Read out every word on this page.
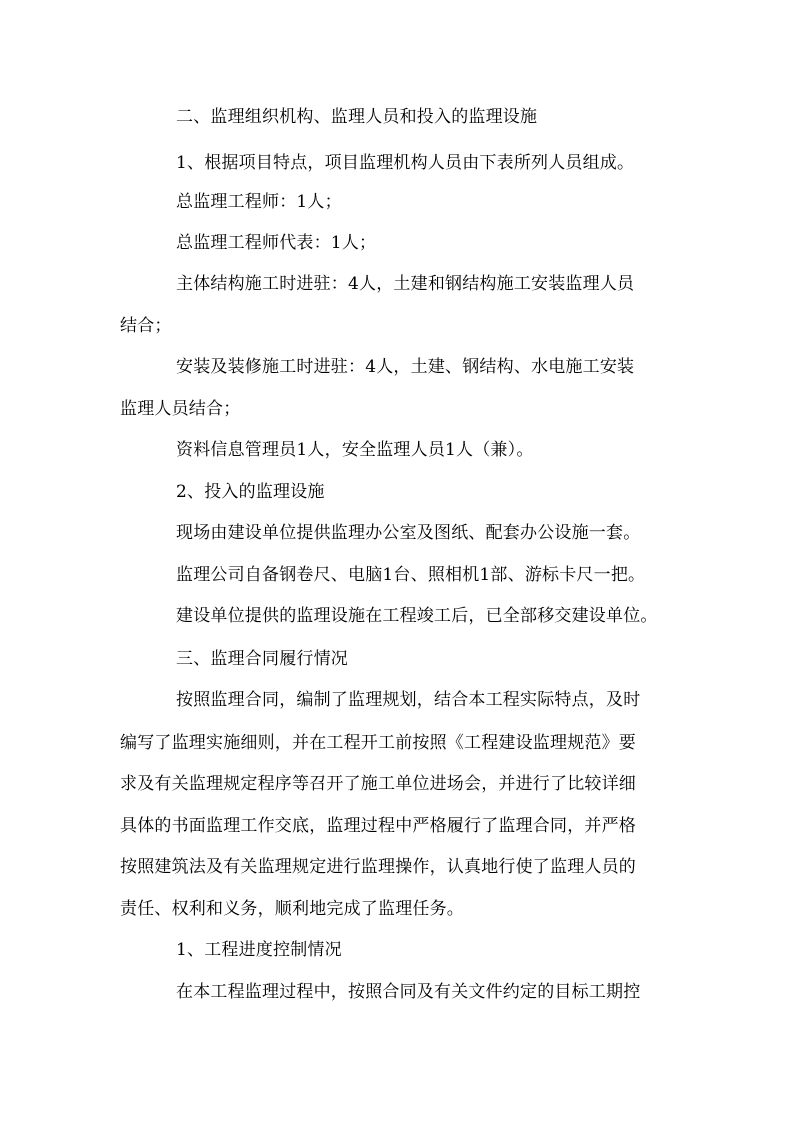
二、监理组织机构、监理人员和投入的监理设施
1、根据项目特点，项目监理机构人员由下表所列人员组成。
总监理工程师：1人；
总监理工程师代表：1人；
主体结构施工时进驻：4人，土建和钢结构施工安装监理人员
结合；
安装及装修施工时进驻：4人，土建、钢结构、水电施工安装
监理人员结合；
资料信息管理员1人，安全监理人员1人（兼）。
2、投入的监理设施
现场由建设单位提供监理办公室及图纸、配套办公设施一套。
监理公司自备钢卷尺、电脑1台、照相机1部、游标卡尺一把。
建设单位提供的监理设施在工程竣工后，已全部移交建设单位。
三、监理合同履行情况
按照监理合同，编制了监理规划，结合本工程实际特点，及时
编写了监理实施细则，并在工程开工前按照《工程建设监理规范》要
求及有关监理规定程序等召开了施工单位进场会，并进行了比较详细
具体的书面监理工作交底，监理过程中严格履行了监理合同，并严格
按照建筑法及有关监理规定进行监理操作，认真地行使了监理人员的
责任、权利和义务，顺利地完成了监理任务。
1、工程进度控制情况
在本工程监理过程中，按照合同及有关文件约定的目标工期控
